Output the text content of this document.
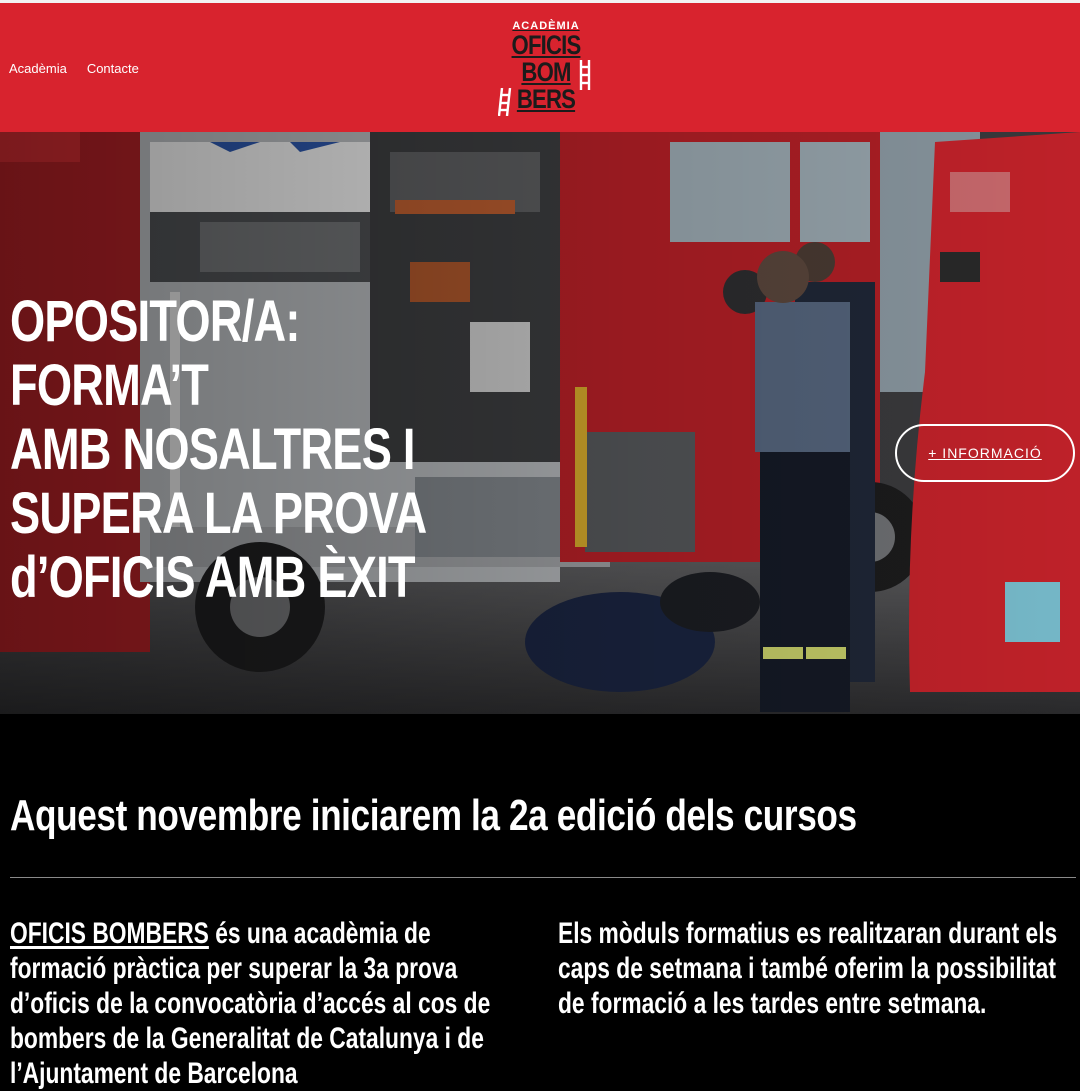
Acadèmia Contacte
ACADÈMIA
OFICIS
BOM
BERS
OPOSITOR/A: FORMA’T
AMB NOSALTRES I
SUPERA LA PROVA
d’OFICIS AMB ÈXIT
+ INFORMACIÓ
Aquest novembre iniciarem la 2a edició dels cursos
OFICIS BOMBERS és una acadèmia de formació pràctica per superar la 3a prova d’oficis de la convocatòria d’accés al cos de bombers de la Generalitat de Catalunya i de l’Ajuntament de Barcelona
Els mòduls formatius es realitzaran durant els caps de setmana i també oferim la possibilitat de formació a les tardes entre setmana.
